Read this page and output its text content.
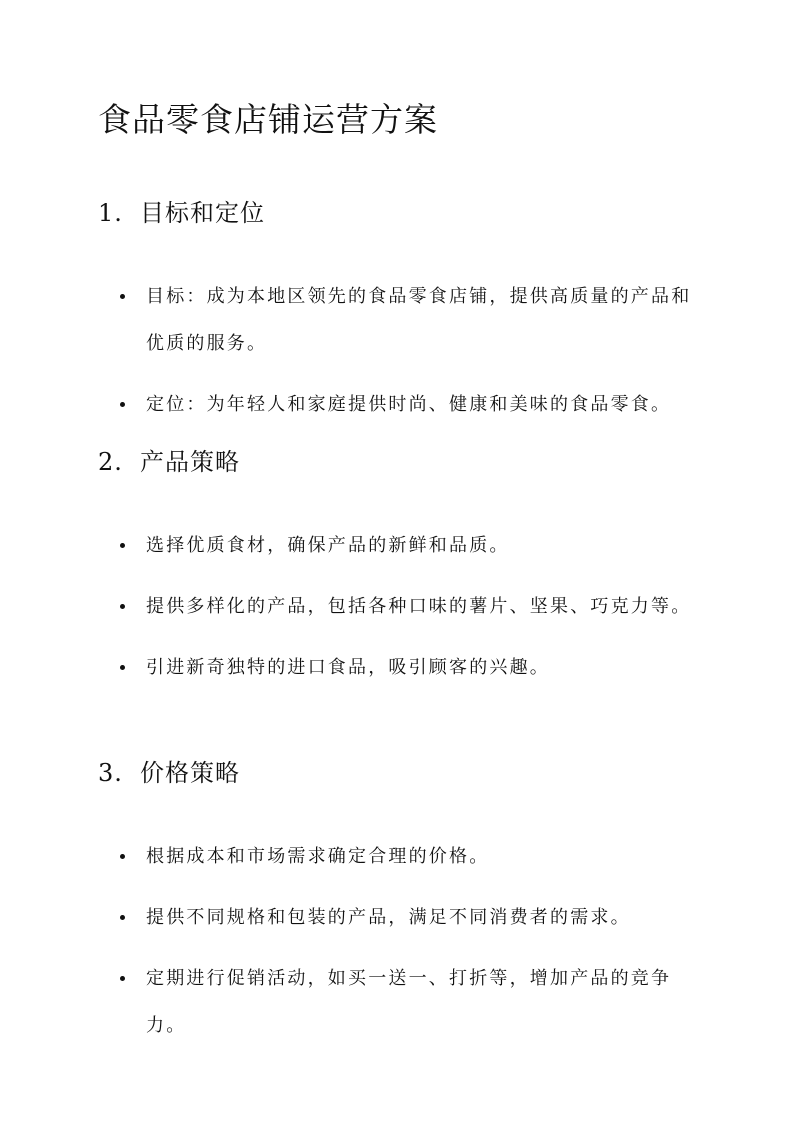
食品零食店铺运营方案
1. 目标和定位
目标：成为本地区领先的食品零食店铺，提供高质量的产品和优质的服务。
定位：为年轻人和家庭提供时尚、健康和美味的食品零食。
2. 产品策略
选择优质食材，确保产品的新鲜和品质。
提供多样化的产品，包括各种口味的薯片、坚果、巧克力等。
引进新奇独特的进口食品，吸引顾客的兴趣。
3. 价格策略
根据成本和市场需求确定合理的价格。
提供不同规格和包装的产品，满足不同消费者的需求。
定期进行促销活动，如买一送一、打折等，增加产品的竞争力。
